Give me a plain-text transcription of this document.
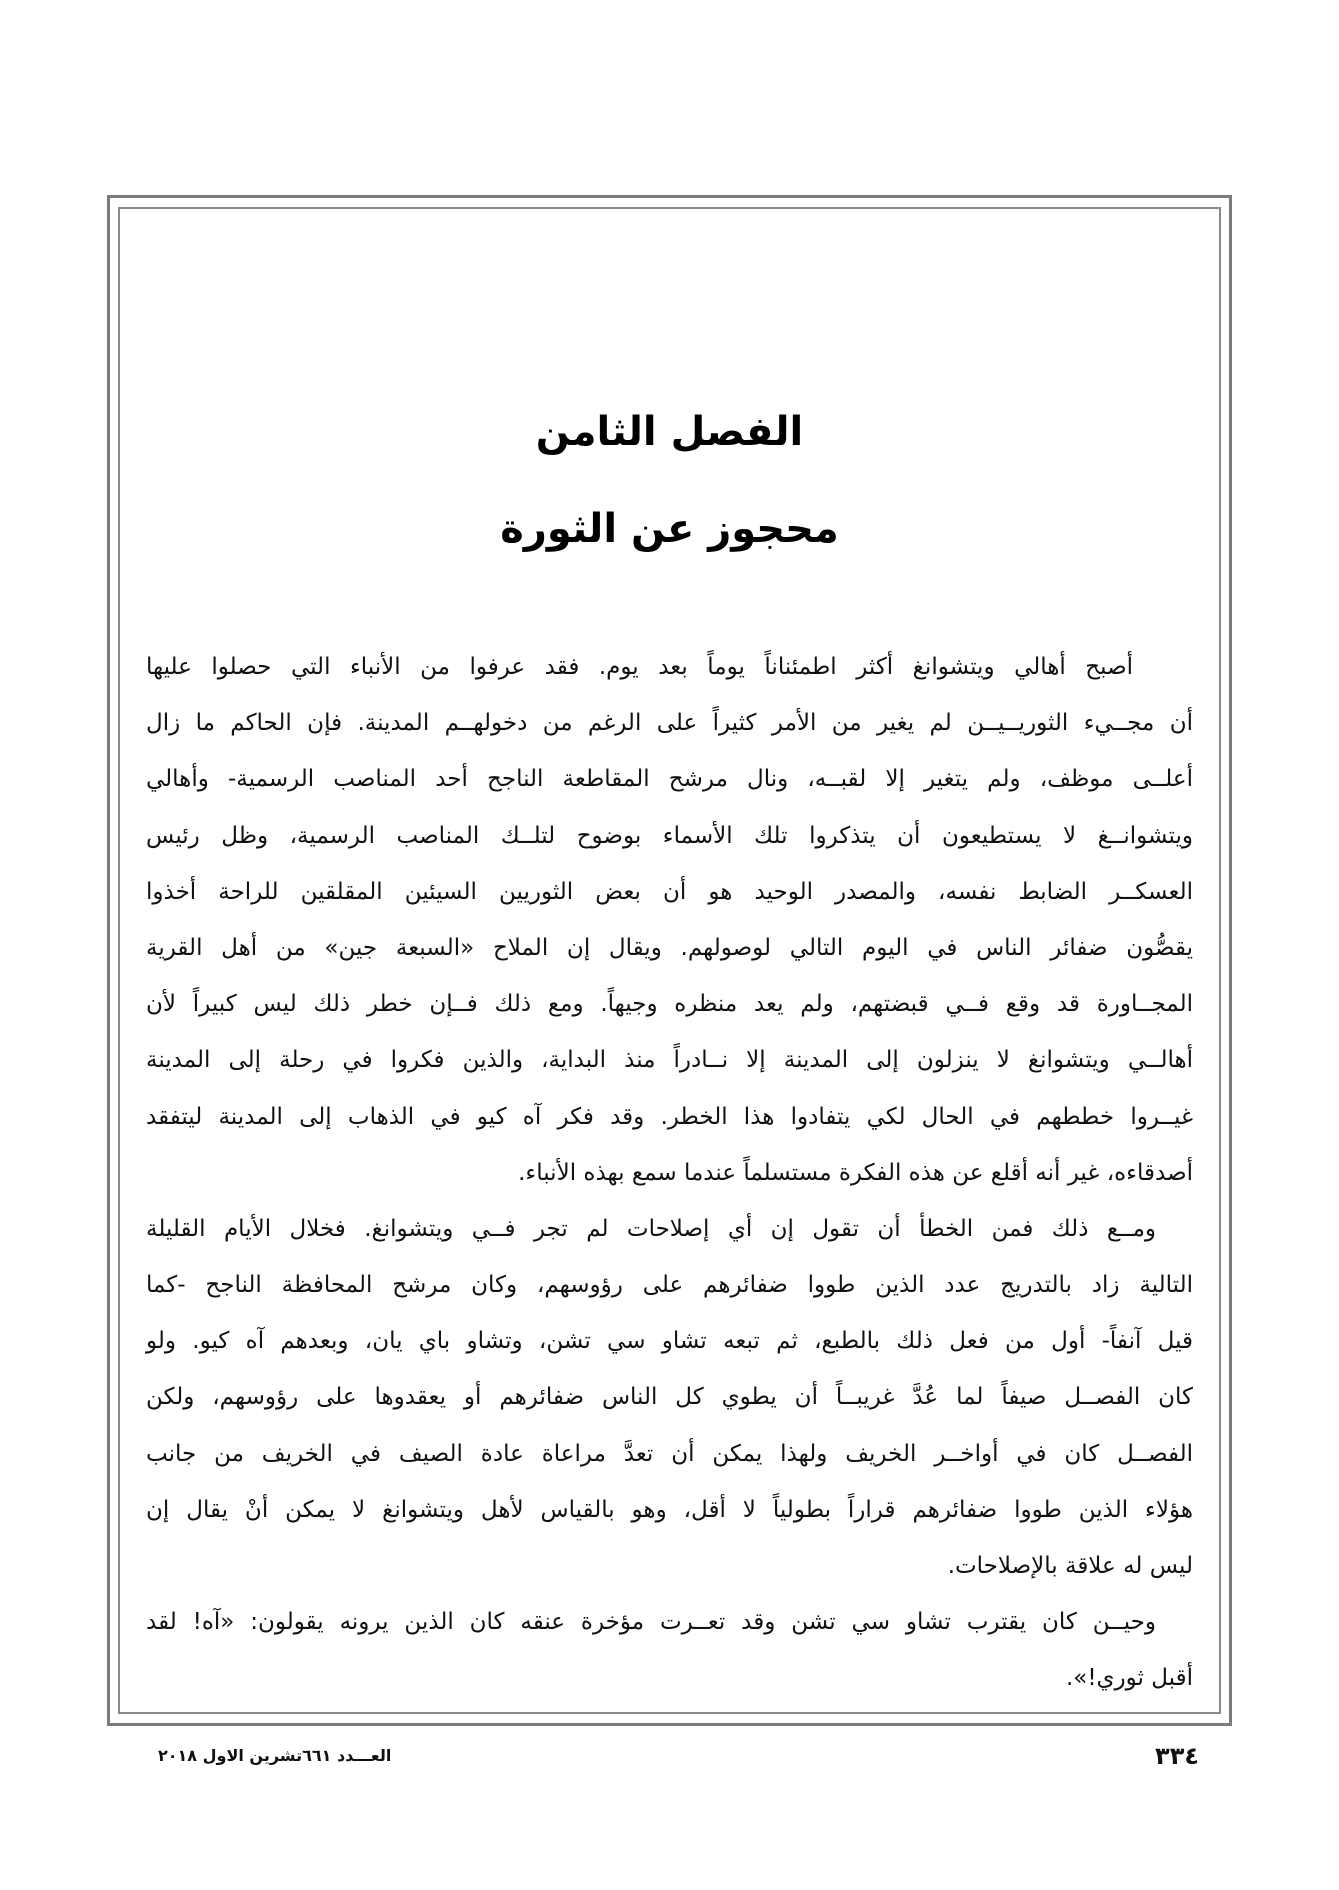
الفصل الثامن
محجوز عن الثورة
أصبح أهالي ويتشوانغ أكثر اطمئناناً يوماً بعد يوم. فقد عرفوا من الأنباء التي حصلوا عليها
أن مجــيء الثوريــيــن لم يغير من الأمر كثيراً على الرغم من دخولهــم المدينة. فإن الحاكم ما زال
أعلــى موظف، ولم يتغير إلا لقبــه، ونال مرشح المقاطعة الناجح أحد المناصب الرسمية- وأهالي
ويتشوانــغ لا يستطيعون أن يتذكروا تلك الأسماء بوضوح لتلــك المناصب الرسمية، وظل رئيس
العسكــر الضابط نفسه، والمصدر الوحيد هو أن بعض الثوريين السيئين المقلقين للراحة أخذوا
يقصُّون ضفائر الناس في اليوم التالي لوصولهم. ويقال إن الملاح «السبعة جين» من أهل القرية
المجــاورة قد وقع فــي قبضتهم، ولم يعد منظره وجيهاً. ومع ذلك فــإن خطر ذلك ليس كبيراً لأن
أهالــي ويتشوانغ لا ينزلون إلى المدينة إلا نــادراً منذ البداية، والذين فكروا في رحلة إلى المدينة
غيــروا خططهم في الحال لكي يتفادوا هذا الخطر. وقد فكر آه كيو في الذهاب إلى المدينة ليتفقد
أصدقاءه، غير أنه أقلع عن هذه الفكرة مستسلماً عندما سمع بهذه الأنباء.
ومــع ذلك فمن الخطأ أن تقول إن أي إصلاحات لم تجر فــي ويتشوانغ. فخلال الأيام القليلة
التالية زاد بالتدريج عدد الذين طووا ضفائرهم على رؤوسهم، وكان مرشح المحافظة الناجح -كما
قيل آنفاً- أول من فعل ذلك بالطبع، ثم تبعه تشاو سي تشن، وتشاو باي يان، وبعدهم آه كيو. ولو
كان الفصــل صيفاً لما عُدَّ غريبــاً أن يطوي كل الناس ضفائرهم أو يعقدوها على رؤوسهم، ولكن
الفصــل كان في أواخــر الخريف ولهذا يمكن أن تعدَّ مراعاة عادة الصيف في الخريف من جانب
هؤلاء الذين طووا ضفائرهم قراراً بطولياً لا أقل، وهو بالقياس لأهل ويتشوانغ لا يمكن أنْ يقال إن
ليس له علاقة بالإصلاحات.
وحيــن كان يقترب تشاو سي تشن وقد تعــرت مؤخرة عنقه كان الذين يرونه يقولون: «آه! لقد
أقبل ثوري!».
العـــدد ٦٦١تشرين الاول ٢٠١٨	٣٣٤
